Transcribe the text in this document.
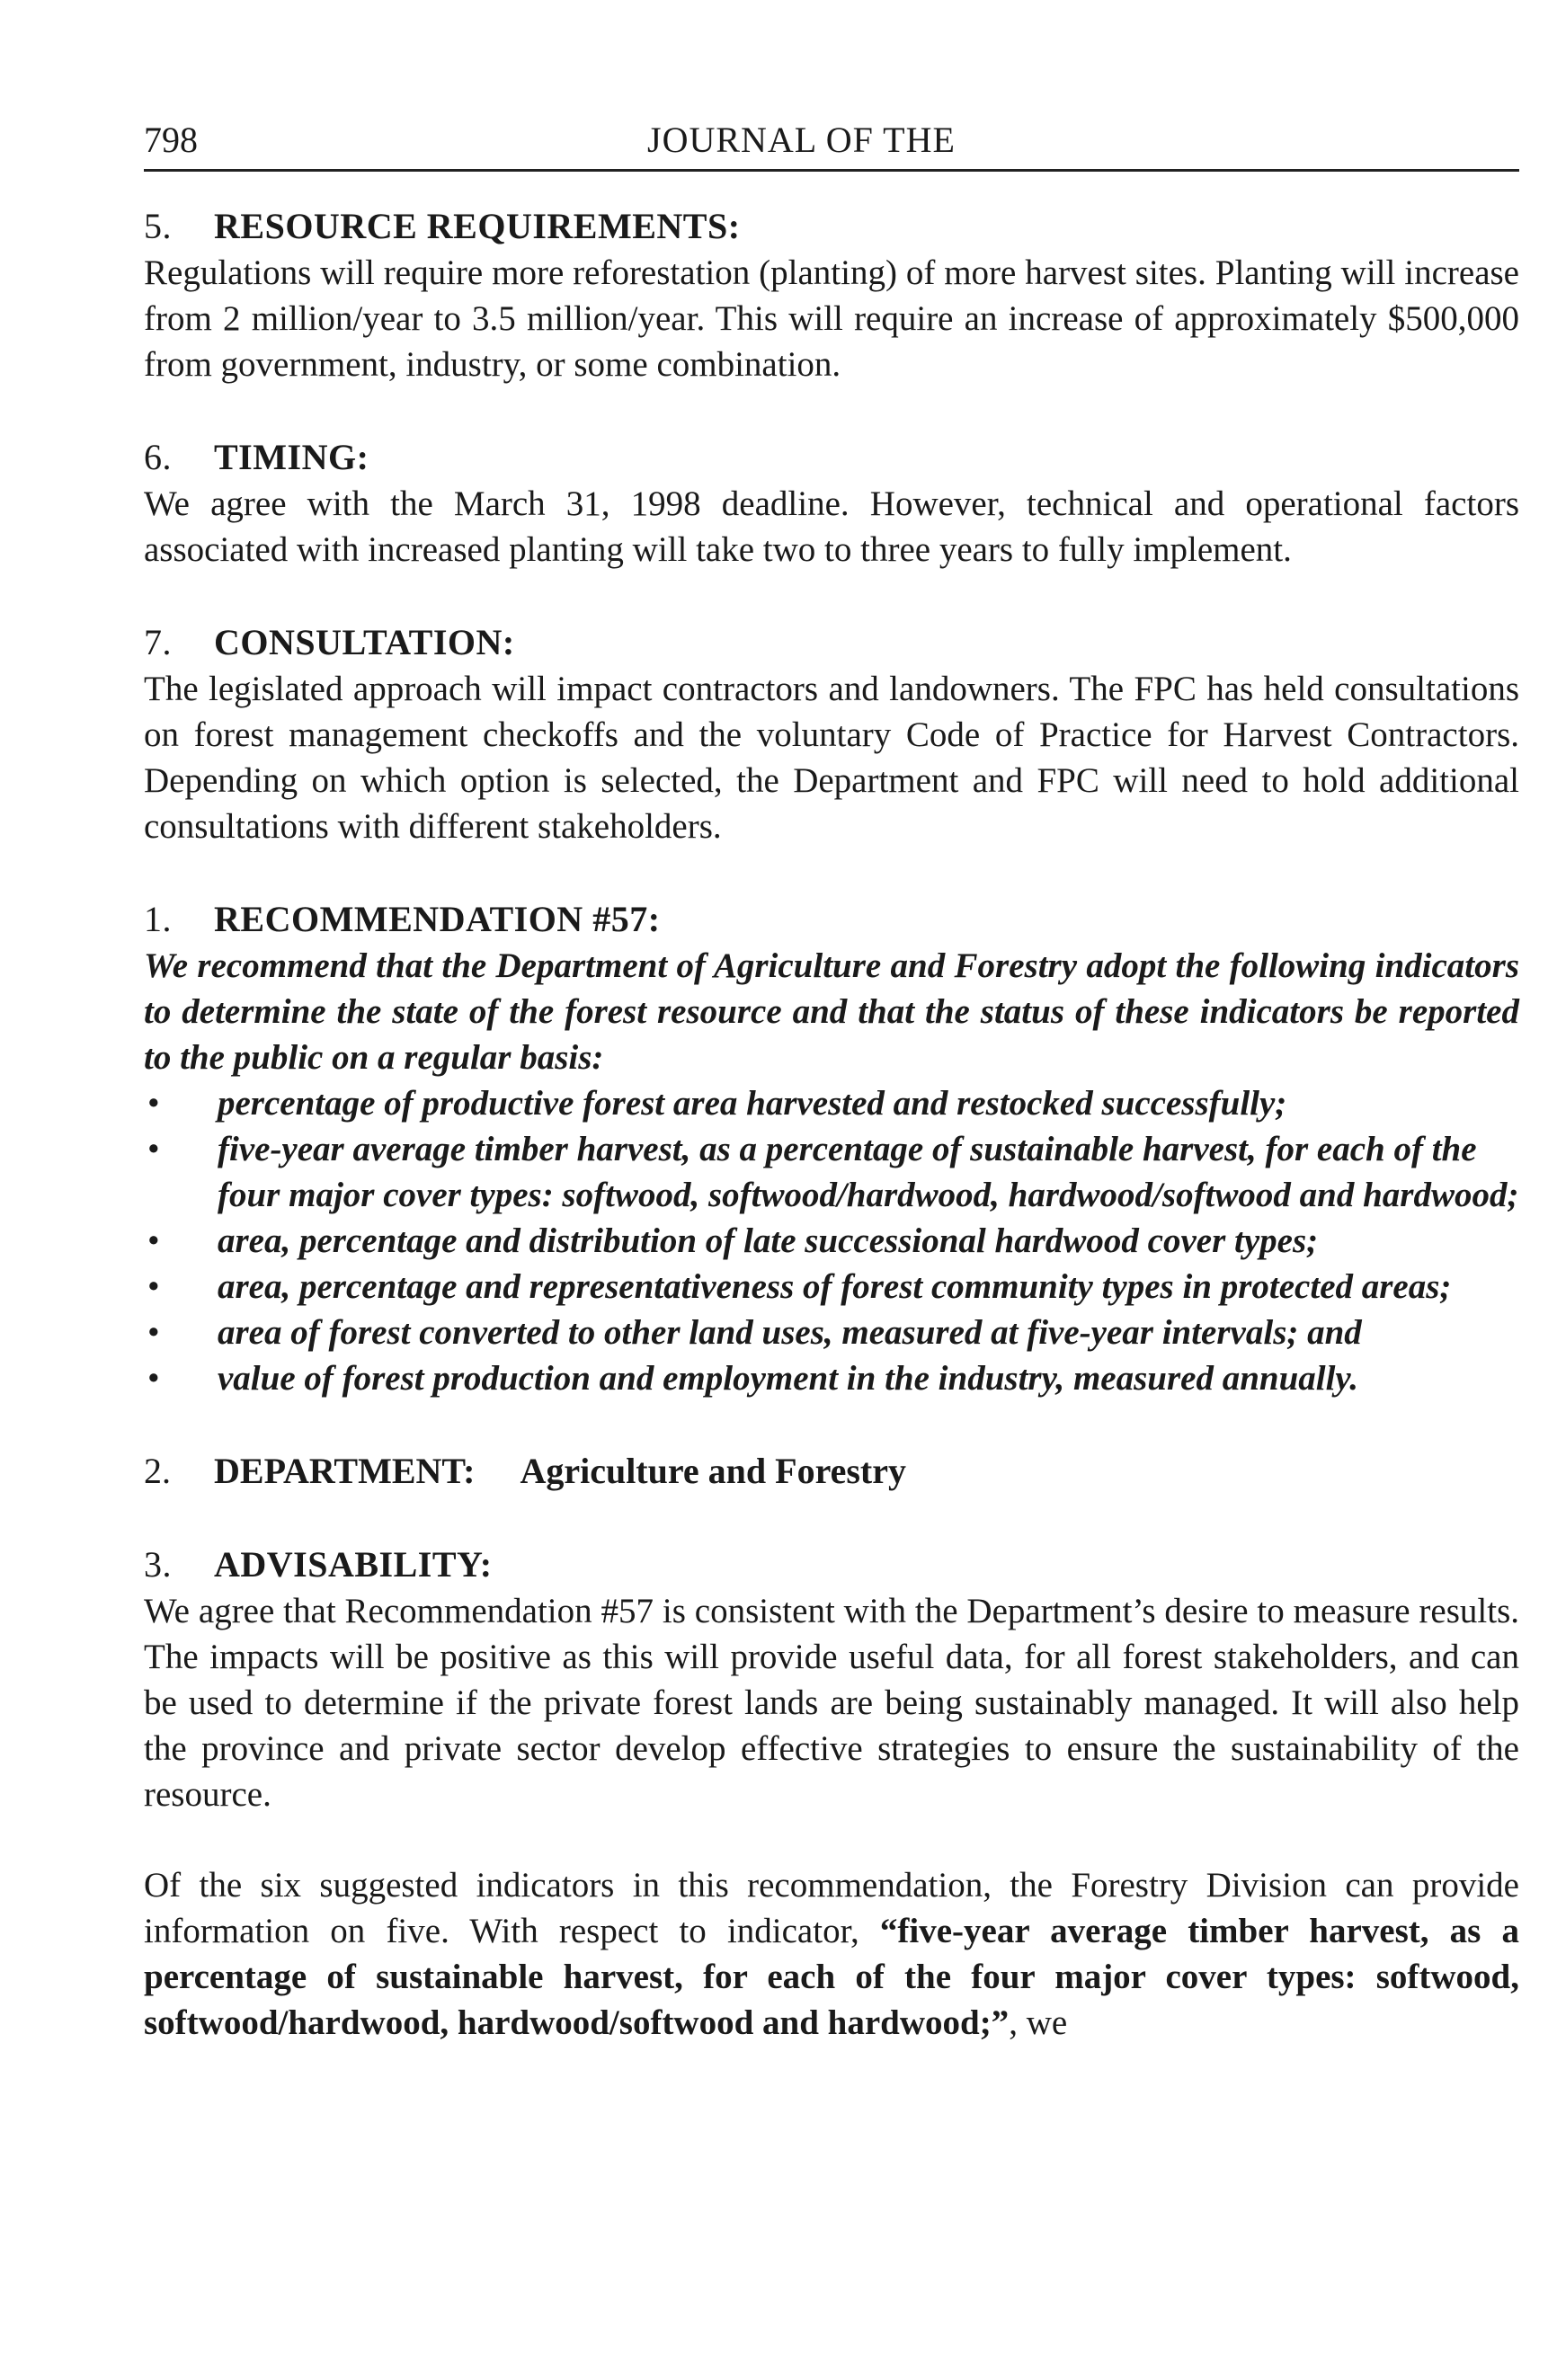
798	JOURNAL OF THE
5. RESOURCE REQUIREMENTS:

Regulations will require more reforestation (planting) of more harvest sites. Planting will increase from 2 million/year to 3.5 million/year. This will require an increase of approximately $500,000 from government, industry, or some combination.

6. TIMING:

We agree with the March 31, 1998 deadline. However, technical and operational factors associated with increased planting will take two to three years to fully implement.

7. CONSULTATION:

The legislated approach will impact contractors and landowners. The FPC has held consultations on forest management checkoffs and the voluntary Code of Practice for Harvest Contractors. Depending on which option is selected, the Department and FPC will need to hold additional consultations with different stakeholders.

1. RECOMMENDATION #57:

We recommend that the Department of Agriculture and Forestry adopt the following indicators to determine the state of the forest resource and that the status of these indicators be reported to the public on a regular basis:

• percentage of productive forest area harvested and restocked successfully;
• five-year average timber harvest, as a percentage of sustainable harvest, for each of the four major cover types: softwood, softwood/hardwood, hardwood/softwood and hardwood;
• area, percentage and distribution of late successional hardwood cover types;
• area, percentage and representativeness of forest community types in protected areas;
• area of forest converted to other land uses, measured at five-year intervals; and
• value of forest production and employment in the industry, measured annually.
2. DEPARTMENT: Agriculture and Forestry
3. ADVISABILITY:

We agree that Recommendation #57 is consistent with the Department’s desire to measure results. The impacts will be positive as this will provide useful data, for all forest stakeholders, and can be used to determine if the private forest lands are being sustainably managed. It will also help the province and private sector develop effective strategies to ensure the sustainability of the resource.

Of the six suggested indicators in this recommendation, the Forestry Division can provide information on five. With respect to indicator, “five-year average timber harvest, as a percentage of sustainable harvest, for each of the four major cover types: softwood, softwood/hardwood, hardwood/softwood and hardwood;”, we
